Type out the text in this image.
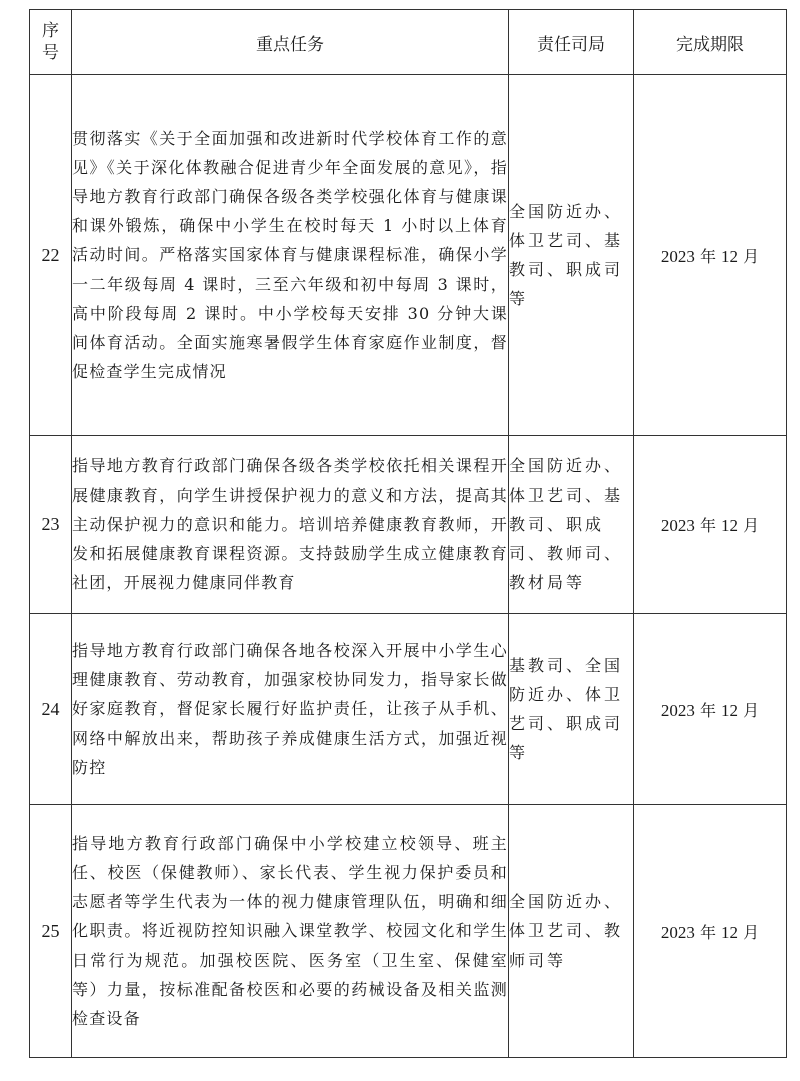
序
号	重点任务	责任司局	完成期限
22	贯彻落实《关于全面加强和改进新时代学校体育工作的意见》《关于深化体教融合促进青少年全面发展的意见》，指导地方教育行政部门确保各级各类学校强化体育与健康课和课外锻炼，确保中小学生在校时每天 1 小时以上体育活动时间。严格落实国家体育与健康课程标准，确保小学一二年级每周 4 课时，三至六年级和初中每周 3 课时，高中阶段每周 2 课时。中小学校每天安排 30 分钟大课间体育活动。全面实施寒暑假学生体育家庭作业制度，督促检查学生完成情况	全国防近办、体卫艺司、基教司、职成司等	2023 年 12 月
23	指导地方教育行政部门确保各级各类学校依托相关课程开展健康教育，向学生讲授保护视力的意义和方法，提高其主动保护视力的意识和能力。培训培养健康教育教师，开发和拓展健康教育课程资源。支持鼓励学生成立健康教育社团，开展视力健康同伴教育	全国防近办、体卫艺司、基教司、职成司、教师司、教材局等	2023 年 12 月
24	指导地方教育行政部门确保各地各校深入开展中小学生心理健康教育、劳动教育，加强家校协同发力，指导家长做好家庭教育，督促家长履行好监护责任，让孩子从手机、网络中解放出来，帮助孩子养成健康生活方式，加强近视防控	基教司、全国防近办、体卫艺司、职成司等	2023 年 12 月
25	指导地方教育行政部门确保中小学校建立校领导、班主任、校医（保健教师）、家长代表、学生视力保护委员和志愿者等学生代表为一体的视力健康管理队伍，明确和细化职责。将近视防控知识融入课堂教学、校园文化和学生日常行为规范。加强校医院、医务室（卫生室、保健室等）力量，按标准配备校医和必要的药械设备及相关监测检查设备	全国防近办、体卫艺司、教师司等	2023 年 12 月
